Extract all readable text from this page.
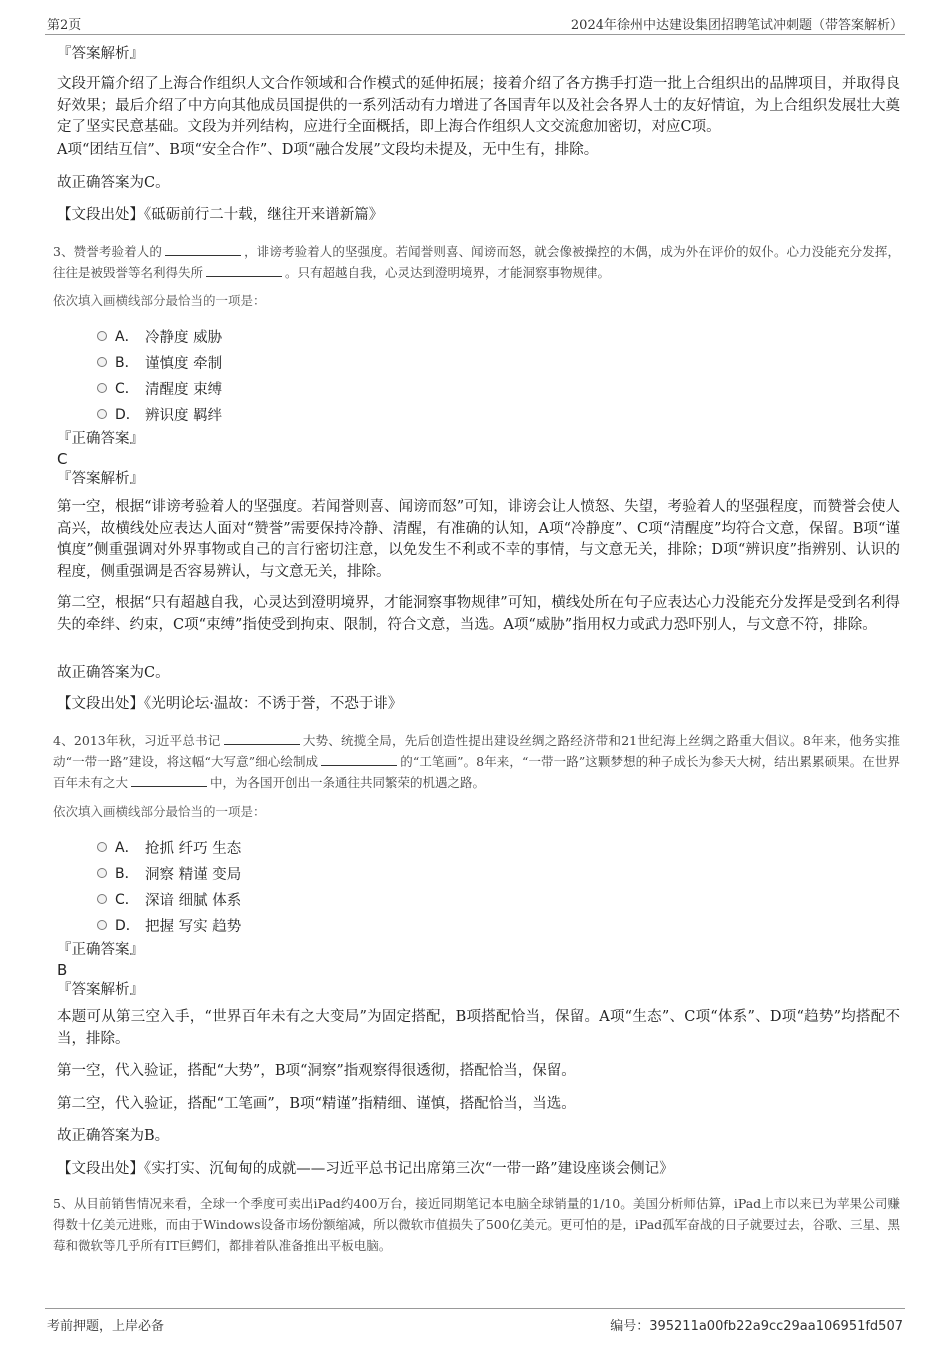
第2页	2024年徐州中达建设集团招聘笔试冲刺题（带答案解析）
『答案解析』
文段开篇介绍了上海合作组织人文合作领域和合作模式的延伸拓展；接着介绍了各方携手打造一批上合组织出的品牌项目，并取得良好效果；最后介绍了中方向其他成员国提供的一系列活动有力增进了各国青年以及社会各界人士的友好情谊，为上合组织发展壮大奠定了坚实民意基础。文段为并列结构，应进行全面概括，即上海合作组织人文交流愈加密切，对应C项。
A项“团结互信”、B项“安全合作”、D项“融合发展”文段均未提及，无中生有，排除。
故正确答案为C。
【文段出处】《砥砺前行二十载，继往开来谱新篇》
3、赞誉考验着人的	，诽谤考验着人的坚强度。若闻誉则喜、闻谤而怒，就会像被操控的木偶，成为外在评价的奴仆。心力没能充分发挥，往往是被毁誉等名利得失所	。只有超越自我，心灵达到澄明境界，才能洞察事物规律。
依次填入画横线部分最恰当的一项是：
A． 冷静度 威胁
B． 谨慎度 牵制
C． 清醒度 束缚
D． 辨识度 羁绊
『正确答案』
C
『答案解析』
第一空，根据“诽谤考验着人的坚强度。若闻誉则喜、闻谤而怒”可知，诽谤会让人愤怒、失望，考验着人的坚强程度，而赞誉会使人高兴，故横线处应表达人面对“赞誉”需要保持冷静、清醒，有准确的认知，A项“冷静度”、C项“清醒度”均符合文意，保留。B项“谨慎度”侧重强调对外界事物或自己的言行密切注意，以免发生不利或不幸的事情，与文意无关，排除；D项“辨识度”指辨别、认识的程度，侧重强调是否容易辨认，与文意无关，排除。
第二空，根据“只有超越自我，心灵达到澄明境界，才能洞察事物规律”可知，横线处所在句子应表达心力没能充分发挥是受到名利得失的牵绊、约束，C项“束缚”指使受到拘束、限制，符合文意，当选。A项“威胁”指用权力或武力恐吓别人，与文意不符，排除。
故正确答案为C。
【文段出处】《光明论坛·温故：不诱于誉，不恐于诽》
4、2013年秋，习近平总书记	大势、统揽全局，先后创造性提出建设丝绸之路经济带和21世纪海上丝绸之路重大倡议。8年来，他务实推动“一带一路”建设，将这幅“大写意”细心绘制成	的“工笔画”。8年来，“一带一路”这颗梦想的种子成长为参天大树，结出累累硕果。在世界百年未有之大	中，为各国开创出一条通往共同繁荣的机遇之路。
依次填入画横线部分最恰当的一项是：
A． 抢抓 纤巧 生态
B． 洞察 精谨 变局
C． 深谙 细腻 体系
D． 把握 写实 趋势
『正确答案』
B
『答案解析』
本题可从第三空入手，“世界百年未有之大变局”为固定搭配，B项搭配恰当，保留。A项“生态”、C项“体系”、D项“趋势”均搭配不当，排除。
第一空，代入验证，搭配“大势”，B项“洞察”指观察得很透彻，搭配恰当，保留。
第二空，代入验证，搭配“工笔画”，B项“精谨”指精细、谨慎，搭配恰当，当选。
故正确答案为B。
【文段出处】《实打实、沉甸甸的成就——习近平总书记出席第三次“一带一路”建设座谈会侧记》
5、从目前销售情况来看，全球一个季度可卖出iPad约400万台，接近同期笔记本电脑全球销量的1/10。美国分析师估算，iPad上市以来已为苹果公司赚得数十亿美元进账，而由于Windows设备市场份额缩减，所以微软市值损失了500亿美元。更可怕的是，iPad孤军奋战的日子就要过去，谷歌、三星、黑莓和微软等几乎所有IT巨鳄们，都排着队准备推出平板电脑。
考前押题，上岸必备	编号：395211a00fb22a9cc29aa106951fd507
